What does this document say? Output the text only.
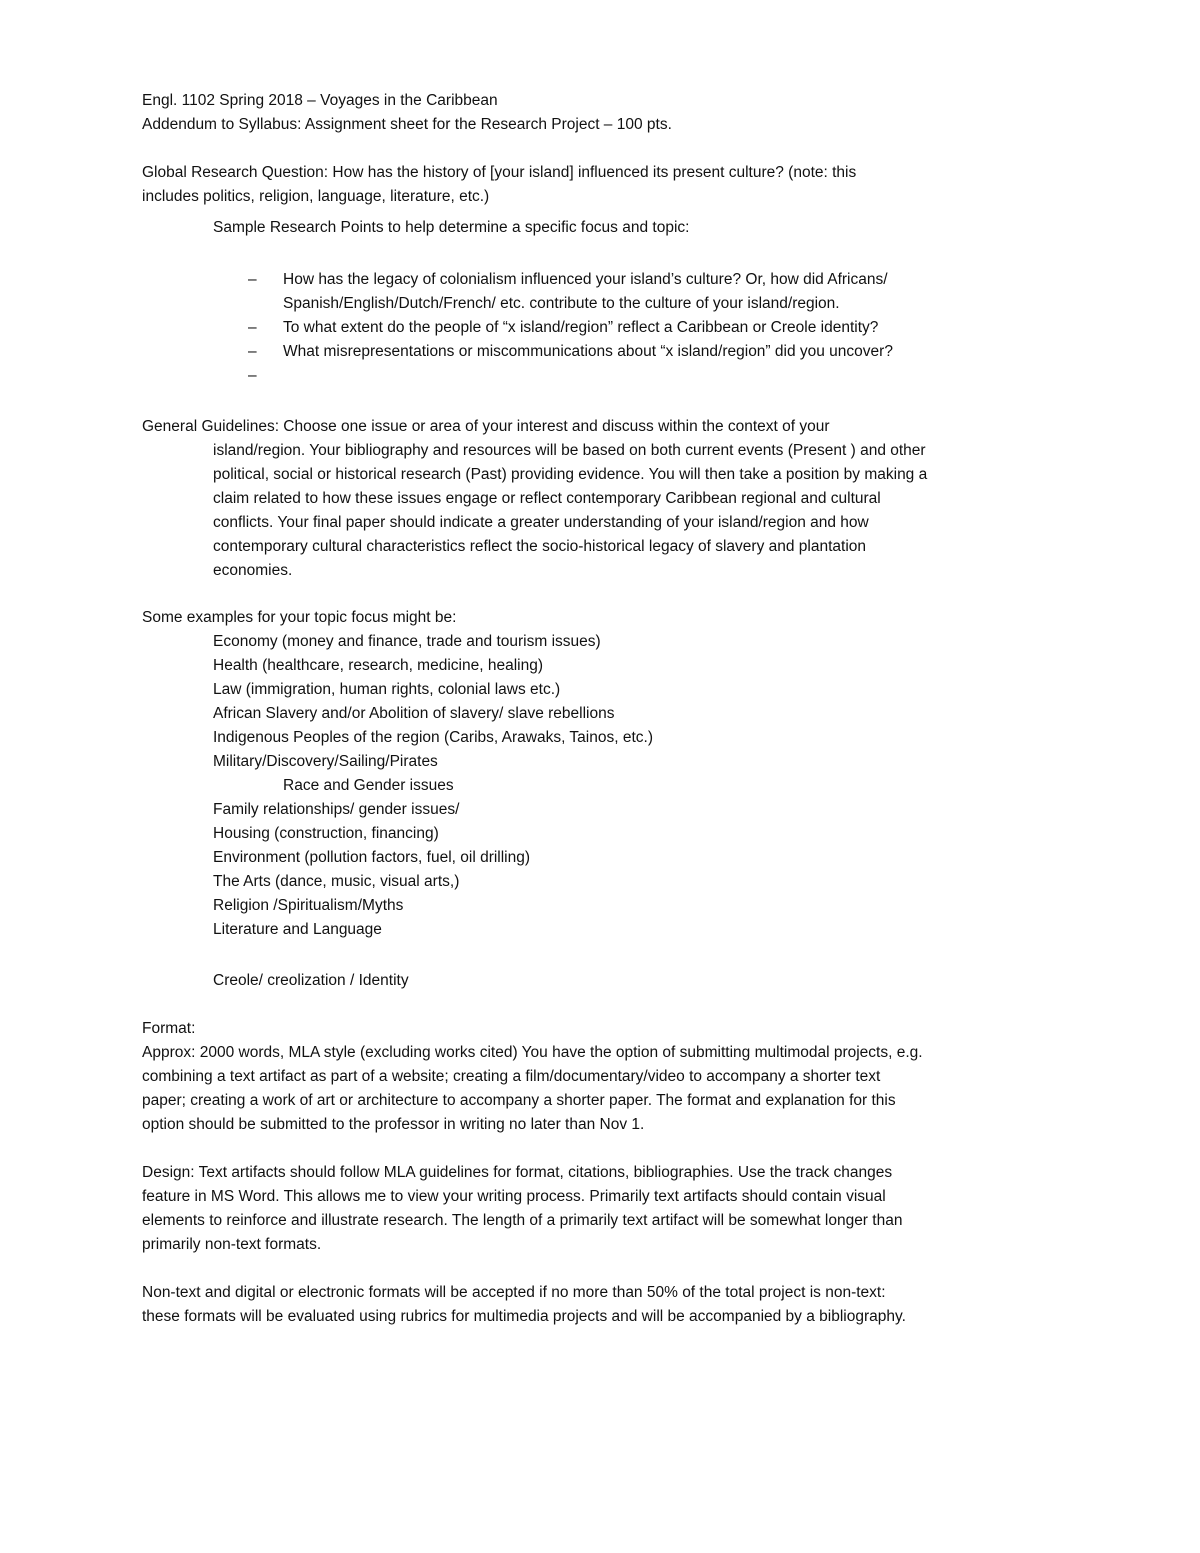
Engl. 1102 Spring 2018 – Voyages in the Caribbean
Addendum to Syllabus: Assignment sheet for the Research Project – 100 pts.
Global Research Question: How has the history of [your island] influenced its present culture? (note: this
includes politics, religion, language, literature, etc.)
Sample Research Points to help determine a specific focus and topic:
– How has the legacy of colonialism influenced your island’s culture? Or, how did Africans/
Spanish/English/Dutch/French/ etc. contribute to the culture of your island/region.
– To what extent do the people of “x island/region” reflect a Caribbean or Creole identity?
– What misrepresentations or miscommunications about “x island/region” did you uncover?
–
General Guidelines: Choose one issue or area of your interest and discuss within the context of your
island/region. Your bibliography and resources will be based on both current events (Present ) and other
political, social or historical research (Past) providing evidence. You will then take a position by making a
claim related to how these issues engage or reflect contemporary Caribbean regional and cultural
conflicts. Your final paper should indicate a greater understanding of your island/region and how
contemporary cultural characteristics reflect the socio-historical legacy of slavery and plantation
economies.
Some examples for your topic focus might be:
Economy (money and finance, trade and tourism issues)
Health (healthcare, research, medicine, healing)
Law (immigration, human rights, colonial laws etc.)
African Slavery and/or Abolition of slavery/ slave rebellions
Indigenous Peoples of the region (Caribs, Arawaks, Tainos, etc.)
Military/Discovery/Sailing/Pirates
Race and Gender issues
Family relationships/ gender issues/
Housing (construction, financing)
Environment (pollution factors, fuel, oil drilling)
The Arts (dance, music, visual arts,)
Religion /Spiritualism/Myths
Literature and Language
Creole/ creolization / Identity
Format:
Approx: 2000 words, MLA style (excluding works cited) You have the option of submitting multimodal projects, e.g.
combining a text artifact as part of a website; creating a film/documentary/video to accompany a shorter text
paper; creating a work of art or architecture to accompany a shorter paper. The format and explanation for this
option should be submitted to the professor in writing no later than Nov 1.
Design: Text artifacts should follow MLA guidelines for format, citations, bibliographies. Use the track changes
feature in MS Word. This allows me to view your writing process. Primarily text artifacts should contain visual
elements to reinforce and illustrate research. The length of a primarily text artifact will be somewhat longer than
primarily non-text formats.
Non-text and digital or electronic formats will be accepted if no more than 50% of the total project is non-text:
these formats will be evaluated using rubrics for multimedia projects and will be accompanied by a bibliography.
